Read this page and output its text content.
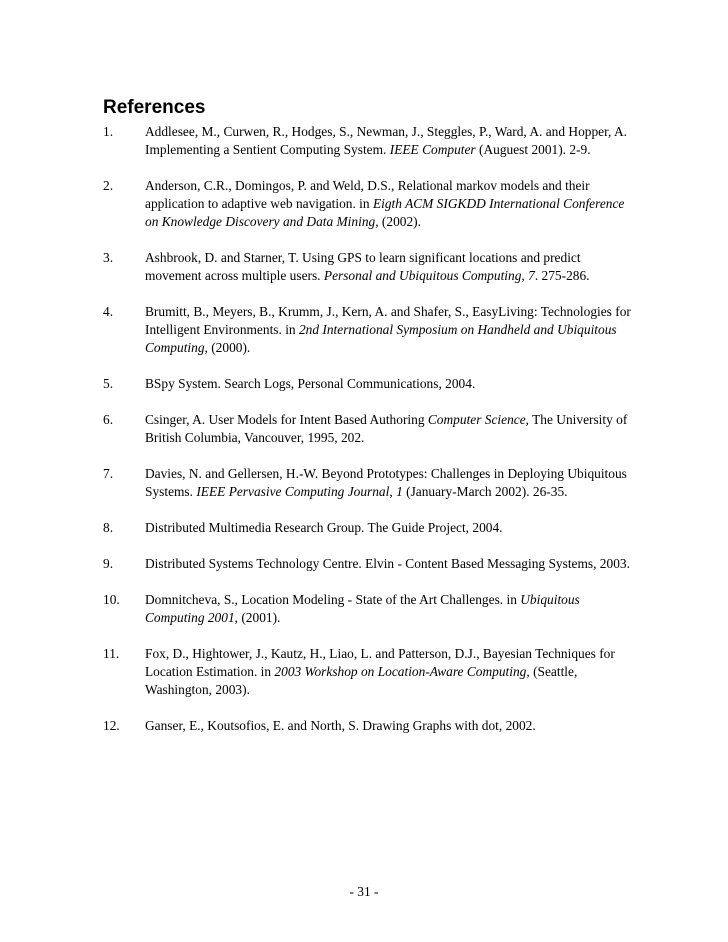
References
1. Addlesee, M., Curwen, R., Hodges, S., Newman, J., Steggles, P., Ward, A. and Hopper, A. Implementing a Sentient Computing System. IEEE Computer (Auguest 2001). 2-9.
2. Anderson, C.R., Domingos, P. and Weld, D.S., Relational markov models and their application to adaptive web navigation. in Eigth ACM SIGKDD International Conference on Knowledge Discovery and Data Mining, (2002).
3. Ashbrook, D. and Starner, T. Using GPS to learn significant locations and predict movement across multiple users. Personal and Ubiquitous Computing, 7. 275-286.
4. Brumitt, B., Meyers, B., Krumm, J., Kern, A. and Shafer, S., EasyLiving: Technologies for Intelligent Environments. in 2nd International Symposium on Handheld and Ubiquitous Computing, (2000).
5. BSpy System. Search Logs, Personal Communications, 2004.
6. Csinger, A. User Models for Intent Based Authoring Computer Science, The University of British Columbia, Vancouver, 1995, 202.
7. Davies, N. and Gellersen, H.-W. Beyond Prototypes: Challenges in Deploying Ubiquitous Systems. IEEE Pervasive Computing Journal, 1 (January-March 2002). 26-35.
8. Distributed Multimedia Research Group. The Guide Project, 2004.
9. Distributed Systems Technology Centre. Elvin - Content Based Messaging Systems, 2003.
10. Domnitcheva, S., Location Modeling - State of the Art Challenges. in Ubiquitous Computing 2001, (2001).
11. Fox, D., Hightower, J., Kautz, H., Liao, L. and Patterson, D.J., Bayesian Techniques for Location Estimation. in 2003 Workshop on Location-Aware Computing, (Seattle, Washington, 2003).
12. Ganser, E., Koutsofios, E. and North, S. Drawing Graphs with dot, 2002.
- 31 -
